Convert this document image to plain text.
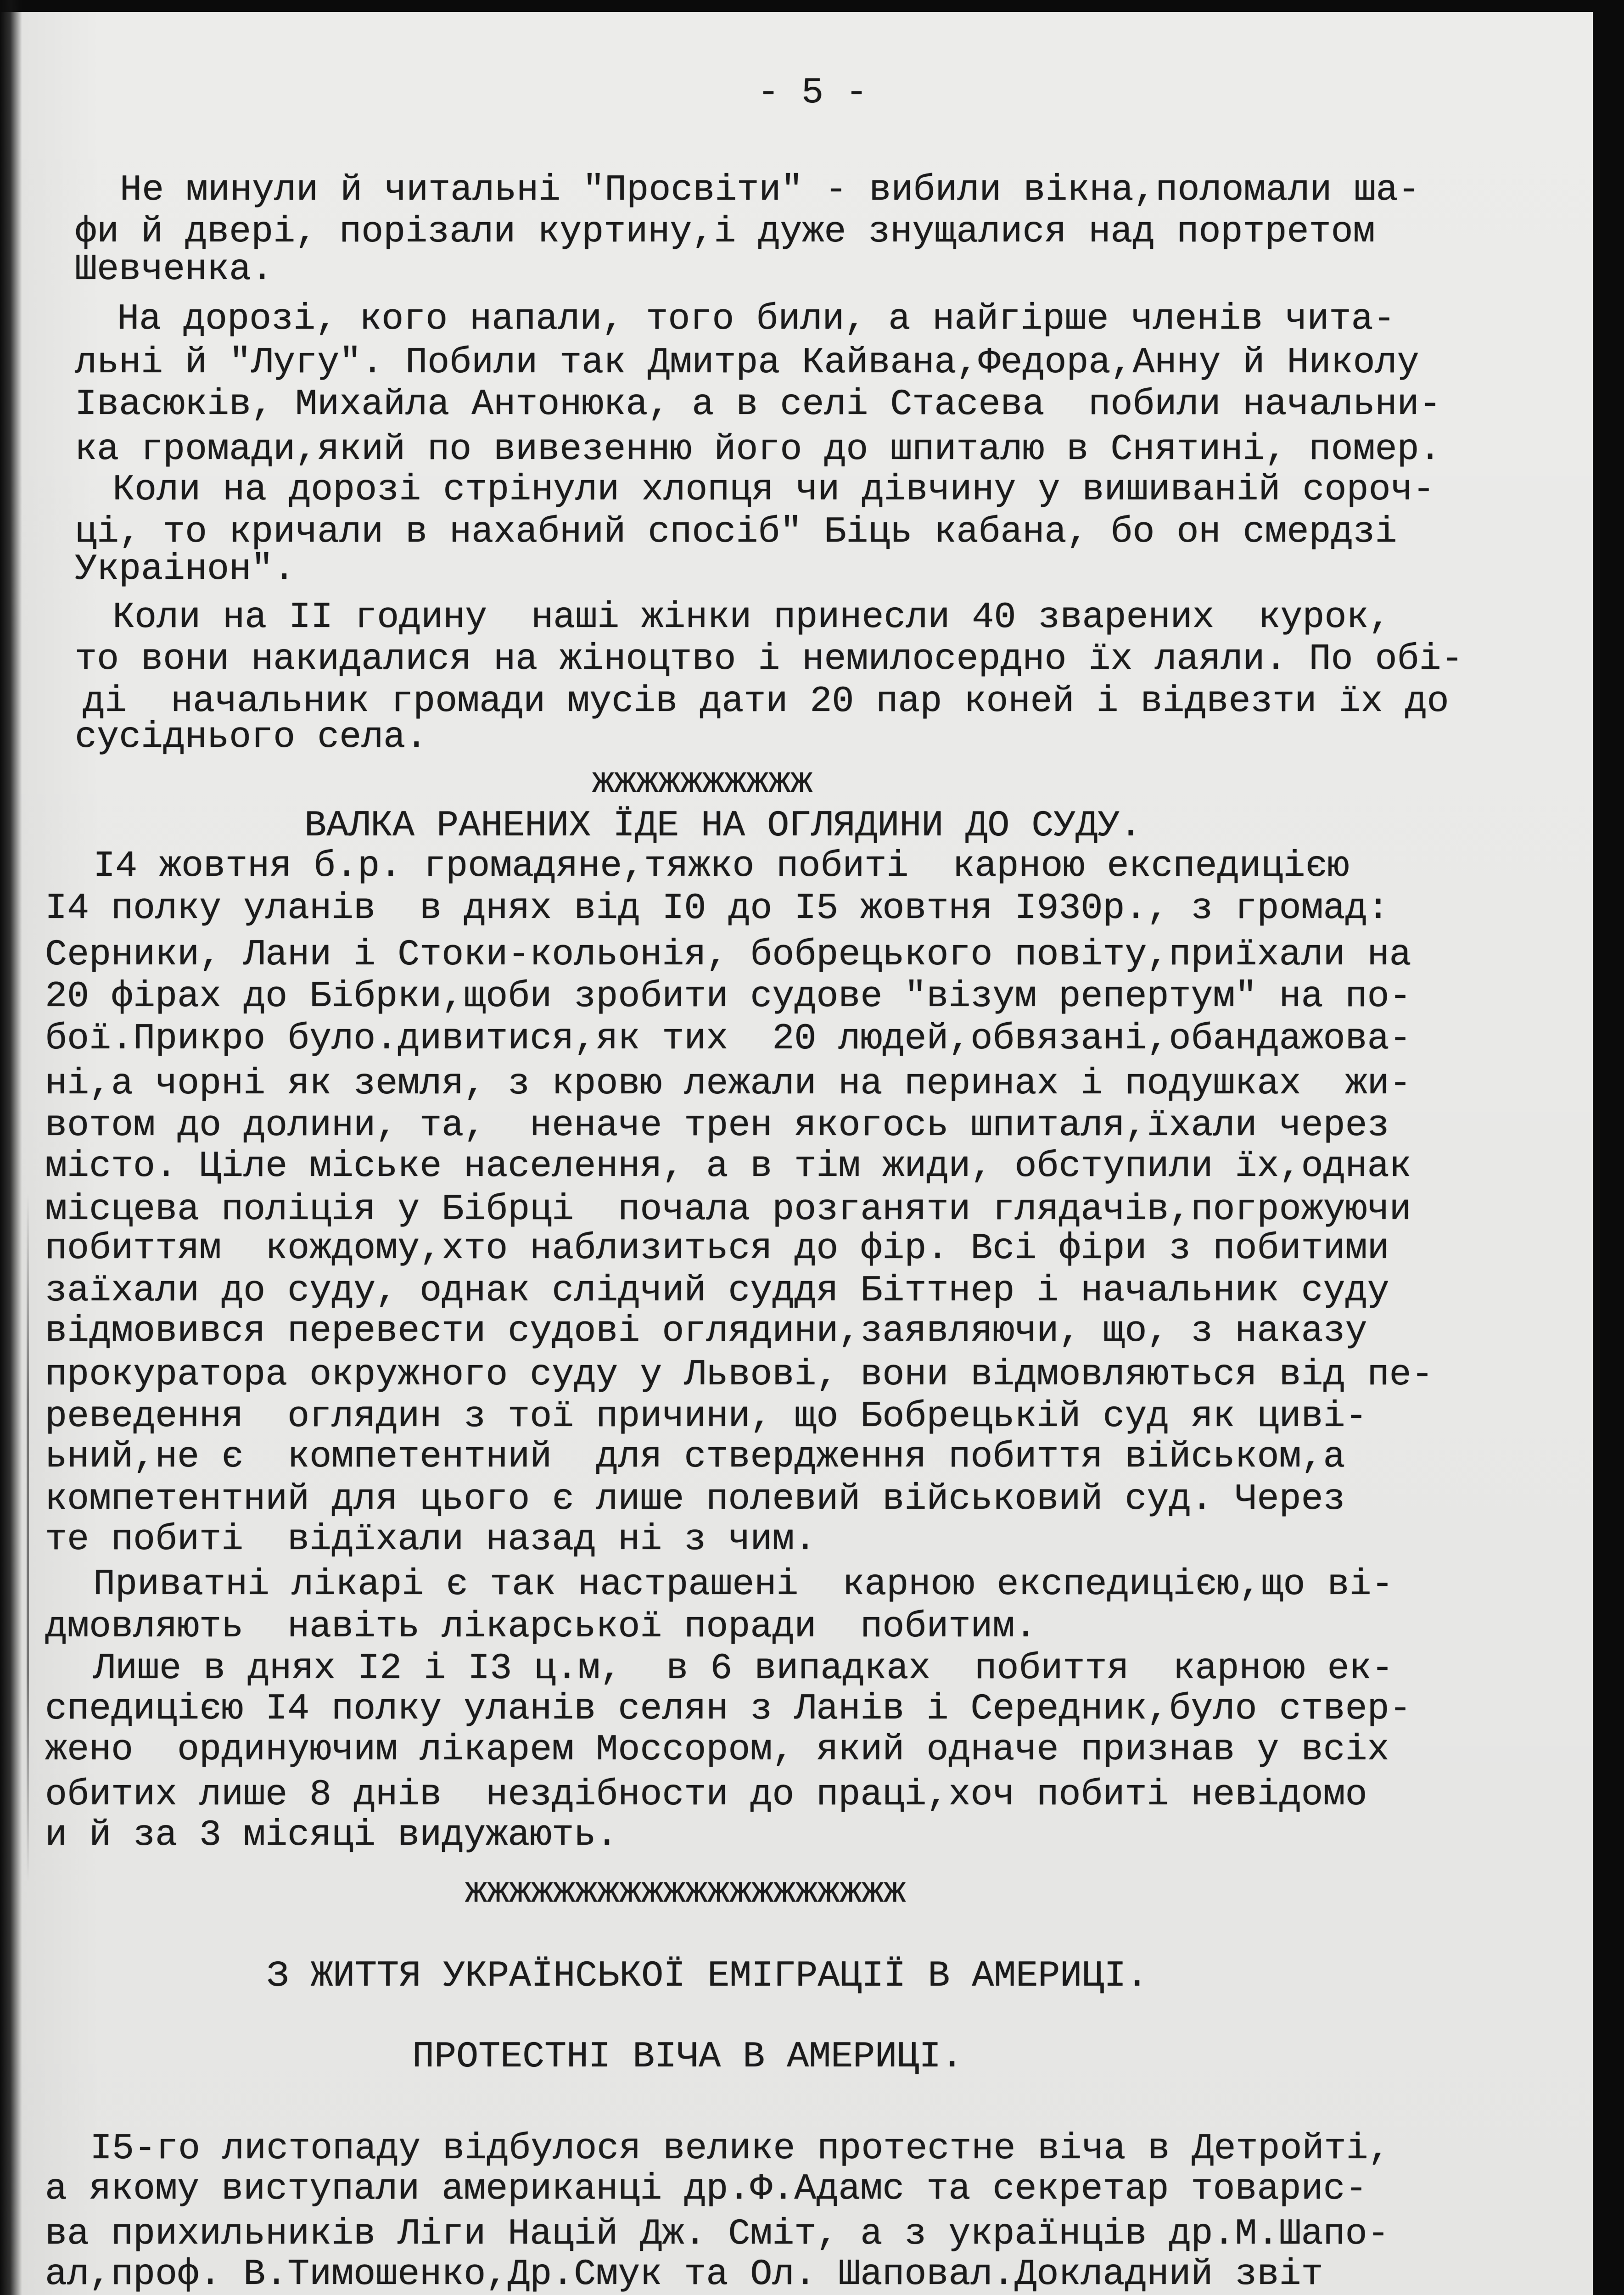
- 5 -
Не минули й читальні "Просвіти" - вибили вікна,поломали ша-
фи й двері, порізали куртину,і дуже знущалися над портретом
Шевченка.
На дорозі, кого напали, того били, а найгірше членів чита-
льні й "Лугу". Побили так Дмитра Кайвана,Федора,Анну й Николу
Івасюків, Михайла Антонюка, а в селі Стасева  побили начальни-
ка громади,який по вивезенню його до шпиталю в Снятині, помер.
Коли на дорозі стрінули хлопця чи дівчину у вишиваній сороч-
ці, то кричали в нахабний спосіб" Біць кабана, бо он смердзі
Украінон".
Коли на ІІ годину  наші жінки принесли 40 зварених  курок,
то вони накидалися на жіноцтво і немилосердно їх лаяли. По обі-
ді  начальник громади мусів дати 20 пар коней і відвезти їх до
сусіднього села.
жжжжжжжжжж
ВАЛКА РАНЕНИХ ЇДЕ НА ОГЛЯДИНИ ДО СУДУ.
І4 жовтня б.р. громадяне,тяжко побиті  карною експедицією
І4 полку уланів  в днях від І0 до І5 жовтня І930р., з громад:
Серники, Лани і Стоки-кольонія, бобрецького повіту,приїхали на
20 фірах до Бібрки,щоби зробити судове "візум репертум" на по-
бої.Прикро було.дивитися,як тих  20 людей,обвязані,обандажова-
ні,а чорні як земля, з кровю лежали на перинах і подушках  жи-
вотом до долини, та,  неначе трен якогось шпиталя,їхали через
місто. Ціле міське населення, а в тім жиди, обступили їх,однак
місцева поліція у Бібрці  почала розганяти глядачів,погрожуючи
побиттям  кождому,хто наблизиться до фір. Всі фіри з побитими
заїхали до суду, однак слідчий суддя Біттнер і начальник суду
відмовився перевести судові оглядини,заявляючи, що, з наказу
прокуратора окружного суду у Львові, вони відмовляються від пе-
реведення  оглядин з тої причини, що Бобрецькій суд як циві-
ьний,не є  компетентний  для ствердження побиття військом,а
компетентний для цього є лише полевий військовий суд. Через
те побиті  відїхали назад ні з чим.
Приватні лікарі є так настрашені  карною експедицією,що ві-
дмовляють  навіть лікарської поради  побитим.
Лише в днях І2 і І3 ц.м,  в 6 випадках  побиття  карною ек-
спедицією І4 полку уланів селян з Ланів і Середник,було ствер-
жено  ординуючим лікарем Моссором, який одначе признав у всіх
обитих лише 8 днів  нездібности до праці,хоч побиті невідомо
и й за 3 місяці видужають.
жжжжжжжжжжжжжжжжжжжж
З ЖИТТЯ УКРАЇНСЬКОЇ ЕМІГРАЦІЇ В АМЕРИЦІ.
ПРОТЕСТНІ ВІЧА В АМЕРИЦІ.
І5-го листопаду відбулося велике протестне віча в Детройті,
а якому виступали американці др.Ф.Адамс та секретар товарис-
ва прихильників Ліги Націй Дж. Сміт, а з українців др.М.Шапо-
ал,проф. В.Тимошенко,Др.Смук та Ол. Шаповал.Докладний звіт
